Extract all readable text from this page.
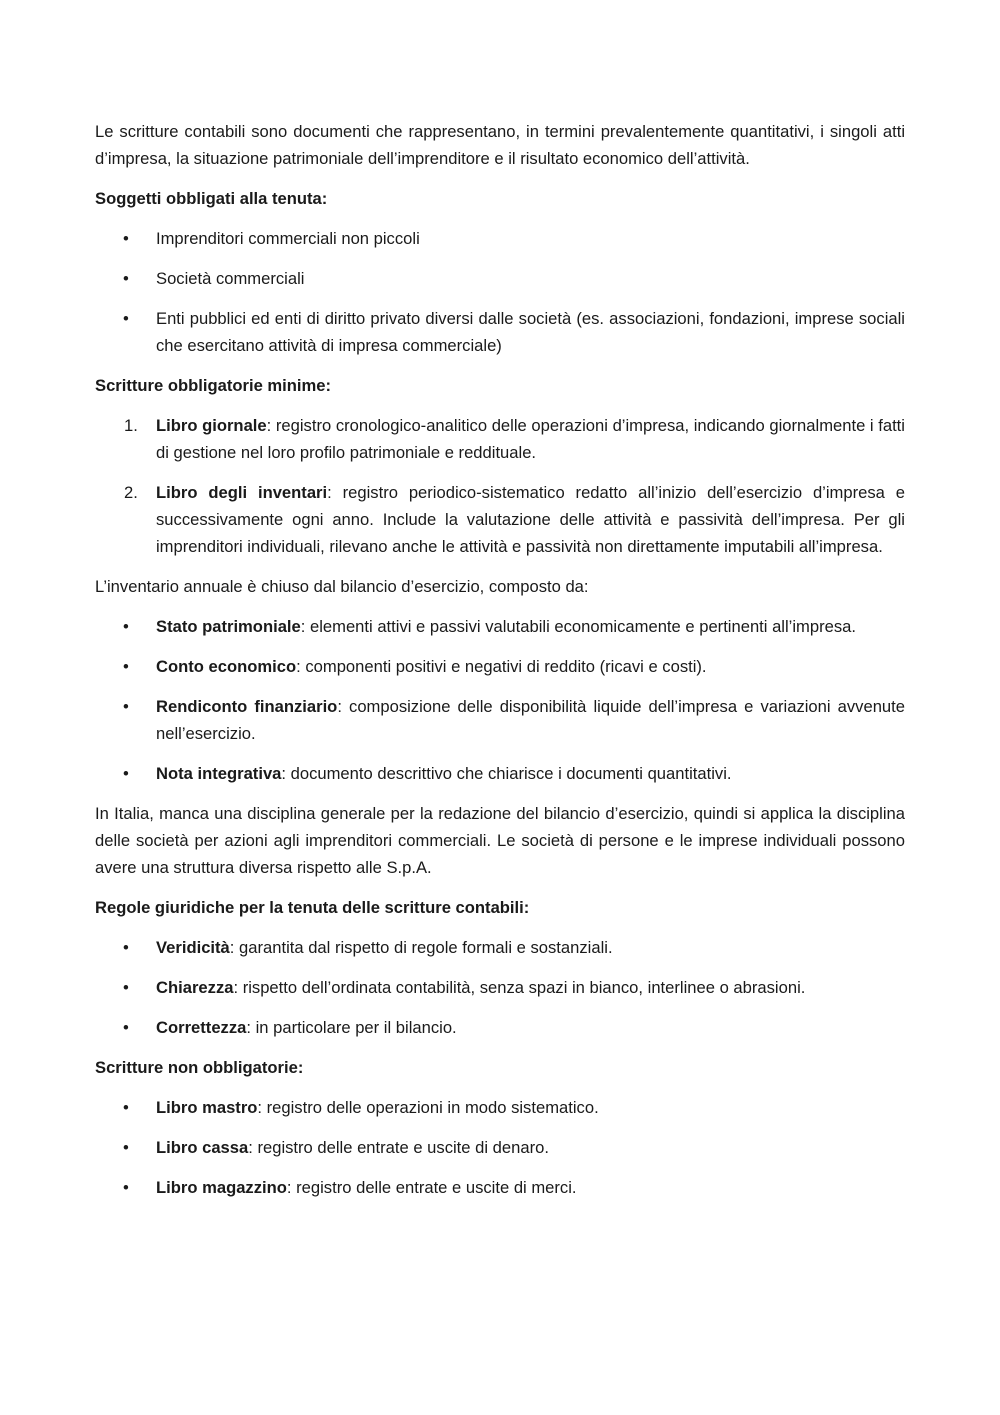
Le scritture contabili sono documenti che rappresentano, in termini prevalentemente quantitativi, i singoli atti d’impresa, la situazione patrimoniale dell’imprenditore e il risultato economico dell’attività.

Soggetti obbligati alla tenuta:

•	Imprenditori commerciali non piccoli
•	Società commerciali
•	Enti pubblici ed enti di diritto privato diversi dalle società (es. associazioni, fondazioni, imprese sociali che esercitano attività di impresa commerciale)

Scritture obbligatorie minime:

1. Libro giornale: registro cronologico-analitico delle operazioni d’impresa, indicando giornalmente i fatti di gestione nel loro profilo patrimoniale e reddituale.
2. Libro degli inventari: registro periodico-sistematico redatto all’inizio dell’esercizio d’impresa e successivamente ogni anno. Include la valutazione delle attività e passività dell’impresa. Per gli imprenditori individuali, rilevano anche le attività e passività non direttamente imputabili all’impresa.

L’inventario annuale è chiuso dal bilancio d’esercizio, composto da:

•	Stato patrimoniale: elementi attivi e passivi valutabili economicamente e pertinenti all’impresa.
•	Conto economico: componenti positivi e negativi di reddito (ricavi e costi).
•	Rendiconto finanziario: composizione delle disponibilità liquide dell’impresa e variazioni avvenute nell’esercizio.
•	Nota integrativa: documento descrittivo che chiarisce i documenti quantitativi.

In Italia, manca una disciplina generale per la redazione del bilancio d’esercizio, quindi si applica la disciplina delle società per azioni agli imprenditori commerciali. Le società di persone e le imprese individuali possono avere una struttura diversa rispetto alle S.p.A.

Regole giuridiche per la tenuta delle scritture contabili:

•	Veridicità: garantita dal rispetto di regole formali e sostanziali.
•	Chiarezza: rispetto dell’ordinata contabilità, senza spazi in bianco, interlinee o abrasioni.
•	Correttezza: in particolare per il bilancio.

Scritture non obbligatorie:

•	Libro mastro: registro delle operazioni in modo sistematico.
•	Libro cassa: registro delle entrate e uscite di denaro.
•	Libro magazzino: registro delle entrate e uscite di merci.
